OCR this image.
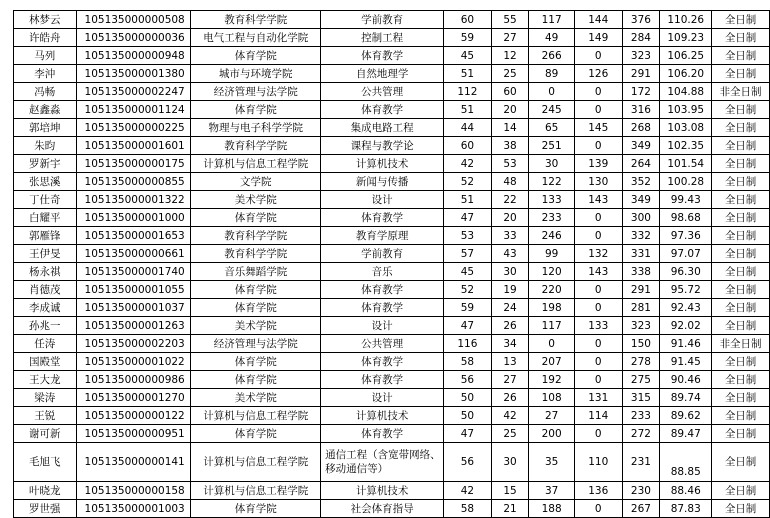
林梦云	105135000000508	教育科学学院	学前教育	60	55	117	144	376	110.26	全日制
许皓舟	105135000000036	电气工程与自动化学院	控制工程	59	27	49	149	284	109.23	全日制
马列	105135000000948	体育学院	体育教学	45	12	266	0	323	106.25	全日制
李沖	105135000001380	城市与环境学院	自然地理学	51	25	89	126	291	106.20	全日制
冯畅	105135000002247	经济管理与法学院	公共管理	112	60	0	0	172	104.88	非全日制
赵鑫淼	105135000001124	体育学院	体育教学	51	20	245	0	316	103.95	全日制
郭培坤	105135000000225	物理与电子科学学院	集成电路工程	44	14	65	145	268	103.08	全日制
朱昀	105135000001601	教育科学学院	课程与教学论	60	38	251	0	349	102.35	全日制
罗新宇	105135000000175	计算机与信息工程学院	计算机技术	42	53	30	139	264	101.54	全日制
张思溪	105135000000855	文学院	新闻与传播	52	48	122	130	352	100.28	全日制
丁仕奇	105135000001322	美术学院	设计	51	22	133	143	349	99.43	全日制
白耀平	105135000001000	体育学院	体育教学	47	20	233	0	300	98.68	全日制
郭雁锋	105135000001653	教育科学学院	教育学原理	53	33	246	0	332	97.36	全日制
王伊旻	105135000000661	教育科学学院	学前教育	57	43	99	132	331	97.07	全日制
杨永祺	105135000001740	音乐舞蹈学院	音乐	45	30	120	143	338	96.30	全日制
肖德茂	105135000001055	体育学院	体育教学	52	19	220	0	291	95.72	全日制
李成诚	105135000001037	体育学院	体育教学	59	24	198	0	281	92.43	全日制
孙兆一	105135000001263	美术学院	设计	47	26	117	133	323	92.02	全日制
任涛	105135000002203	经济管理与法学院	公共管理	116	34	0	0	150	91.46	非全日制
国殿堂	105135000001022	体育学院	体育教学	58	13	207	0	278	91.45	全日制
王大龙	105135000000986	体育学院	体育教学	56	27	192	0	275	90.46	全日制
梁涛	105135000001270	美术学院	设计	50	26	108	131	315	89.74	全日制
王锐	105135000000122	计算机与信息工程学院	计算机技术	50	42	27	114	233	89.62	全日制
谢可新	105135000000951	体育学院	体育教学	47	25	200	0	272	89.47	全日制
毛旭飞	105135000000141	计算机与信息工程学院	通信工程（含宽带网络、移动通信等）	56	30	35	110	231	88.85	全日制
叶晓龙	105135000000158	计算机与信息工程学院	计算机技术	42	15	37	136	230	88.46	全日制
罗世强	105135000001003	体育学院	社会体育指导	58	21	188	0	267	87.83	全日制
